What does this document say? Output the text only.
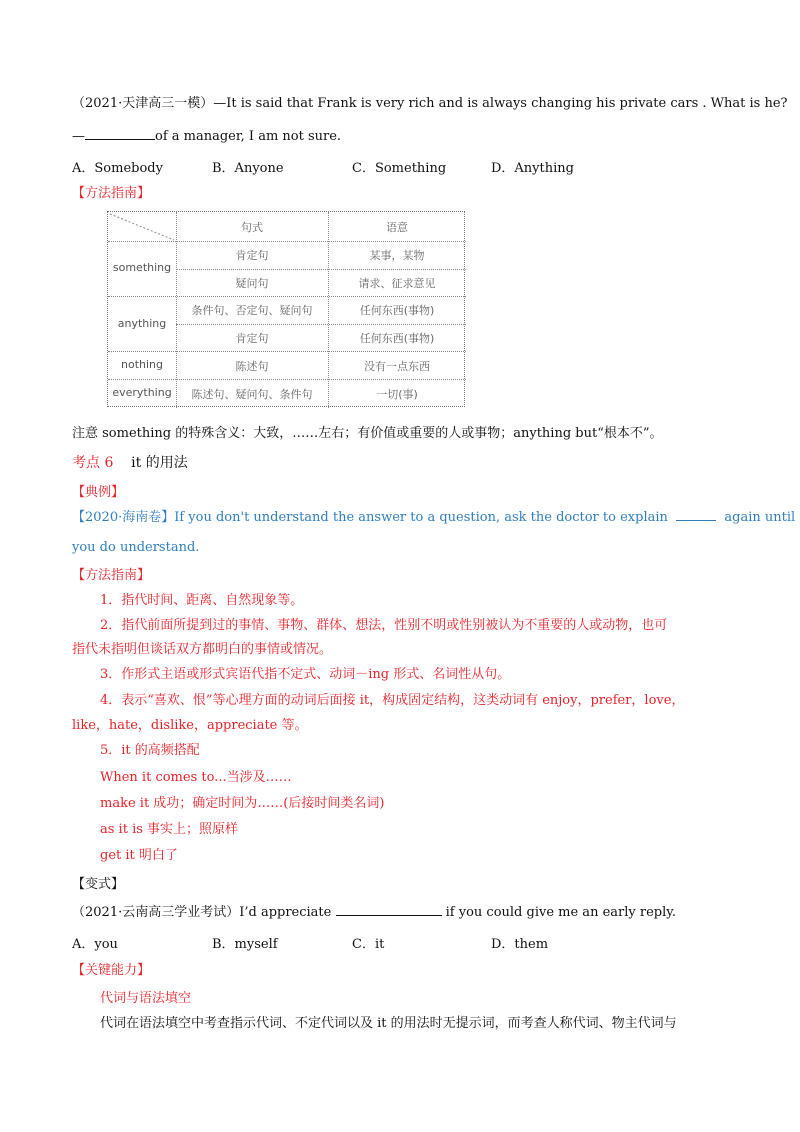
（2021·天津高三一模）—It is said that Frank is very rich and is always changing his private cars . What is he?
—	of a manager, I am not sure.
A．Somebody	B．Anyone	C．Something	D．Anything
【方法指南】
句式	语意
something
肯定句	某事，某物
疑问句	请求、征求意见
anything
条件句、否定句、疑问句	任何东西(事物)
肯定句	任何东西(事物)
nothing	陈述句	没有一点东西
everything	陈述句、疑问句、条件句	一切(事)
注意 something 的特殊含义：大致，……左右；有价值或重要的人或事物；anything but“根本不”。
考点 6 it 的用法
【典例】
【2020·海南卷】If you don't understand the answer to a question, ask the doctor to explain	again until
you do understand.
【方法指南】
1．指代时间、距离、自然现象等。
2．指代前面所提到过的事情、事物、群体、想法，性别不明或性别被认为不重要的人或动物，也可
指代未指明但谈话双方都明白的事情或情况。
3．作形式主语或形式宾语代指不定式、动词－ing 形式、名词性从句。
4．表示“喜欢、恨”等心理方面的动词后面接 it，构成固定结构，这类动词有 enjoy，prefer，love，
like，hate，dislike，appreciate 等。
5．it 的高频搭配
When it comes to...当涉及……
make it 成功；确定时间为……(后接时间类名词)
as it is 事实上；照原样
get it 明白了
【变式】
（2021·云南高三学业考试）I’d appreciate	if you could give me an early reply.
A．you	B．myself	C．it	D．them
【关键能力】
代词与语法填空
代词在语法填空中考查指示代词、不定代词以及 it 的用法时无提示词，而考查人称代词、物主代词与
